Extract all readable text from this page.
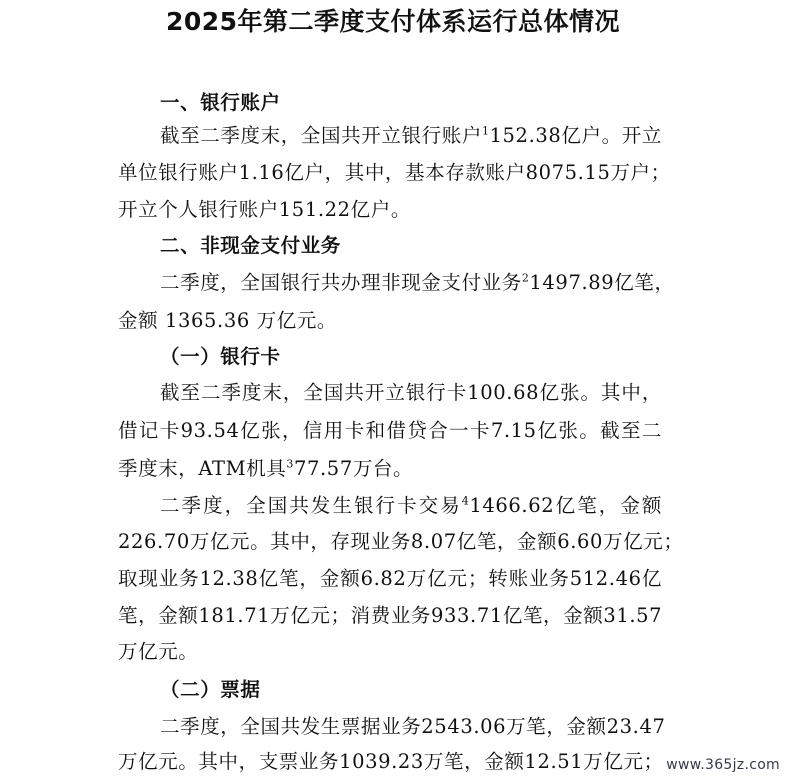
2025年第二季度支付体系运行总体情况
一、银行账户
截至二季度末，全国共开立银行账户$^1$152.38亿户。开立
单位银行账户1.16亿户，其中，基本存款账户8075.15万户；
开立个人银行账户151.22亿户。
二、非现金支付业务
二季度，全国银行共办理非现金支付业务$^2$1497.89亿笔，
金额 1365.36 万亿元。
（一）银行卡
截至二季度末，全国共开立银行卡100.68亿张。其中，
借记卡93.54亿张，信用卡和借贷合一卡7.15亿张。截至二
季度末，ATM机具$^3$77.57万台。
二季度，全国共发生银行卡交易$^4$1466.62亿笔，金额
226.70万亿元。其中，存现业务8.07亿笔，金额6.60万亿元；
取现业务12.38亿笔，金额6.82万亿元；转账业务512.46亿
笔，金额181.71万亿元；消费业务933.71亿笔，金额31.57
万亿元。
（二）票据
二季度，全国共发生票据业务2543.06万笔，金额23.47
万亿元。其中，支票业务1039.23万笔，金额12.51万亿元； www.365jz.com
